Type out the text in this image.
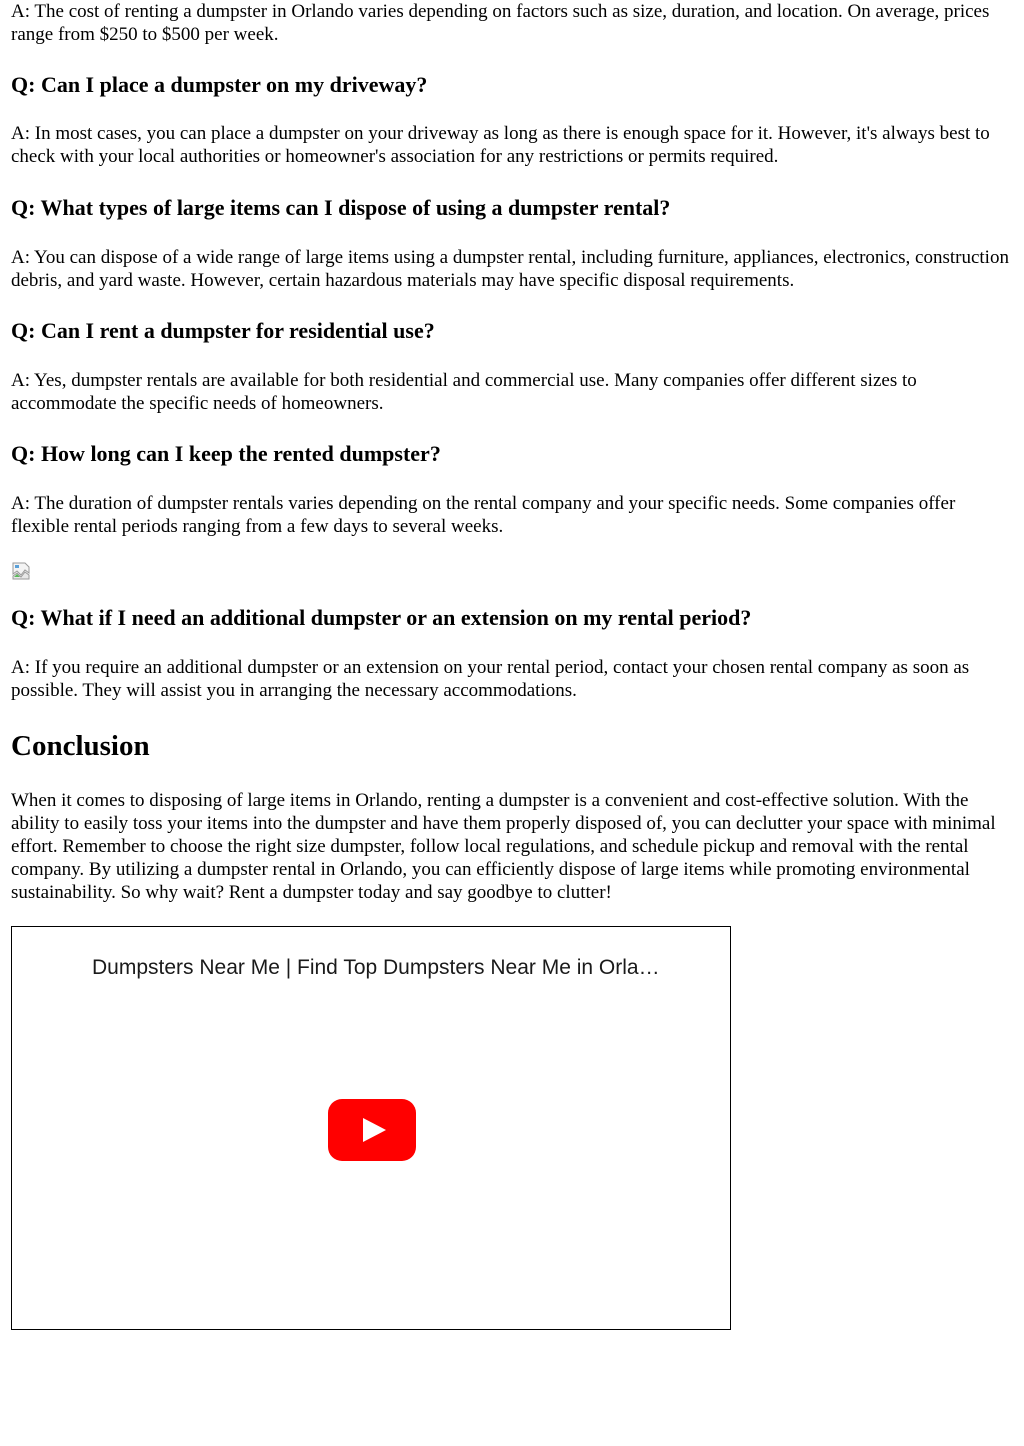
A: The cost of renting a dumpster in Orlando varies depending on factors such as size, duration, and location. On average, prices range from $250 to $500 per week.

Q: Can I place a dumpster on my driveway?

A: In most cases, you can place a dumpster on your driveway as long as there is enough space for it. However, it's always best to check with your local authorities or homeowner's association for any restrictions or permits required.

Q: What types of large items can I dispose of using a dumpster rental?

A: You can dispose of a wide range of large items using a dumpster rental, including furniture, appliances, electronics, construction debris, and yard waste. However, certain hazardous materials may have specific disposal requirements.

Q: Can I rent a dumpster for residential use?

A: Yes, dumpster rentals are available for both residential and commercial use. Many companies offer different sizes to accommodate the specific needs of homeowners.

Q: How long can I keep the rented dumpster?

A: The duration of dumpster rentals varies depending on the rental company and your specific needs. Some companies offer flexible rental periods ranging from a few days to several weeks.

Q: What if I need an additional dumpster or an extension on my rental period?

A: If you require an additional dumpster or an extension on your rental period, contact your chosen rental company as soon as possible. They will assist you in arranging the necessary accommodations.

Conclusion

When it comes to disposing of large items in Orlando, renting a dumpster is a convenient and cost-effective solution. With the ability to easily toss your items into the dumpster and have them properly disposed of, you can declutter your space with minimal effort. Remember to choose the right size dumpster, follow local regulations, and schedule pickup and removal with the rental company. By utilizing a dumpster rental in Orlando, you can efficiently dispose of large items while promoting environmental sustainability. So why wait? Rent a dumpster today and say goodbye to clutter!

Dumpsters Near Me | Find Top Dumpsters Near Me in Orla…
